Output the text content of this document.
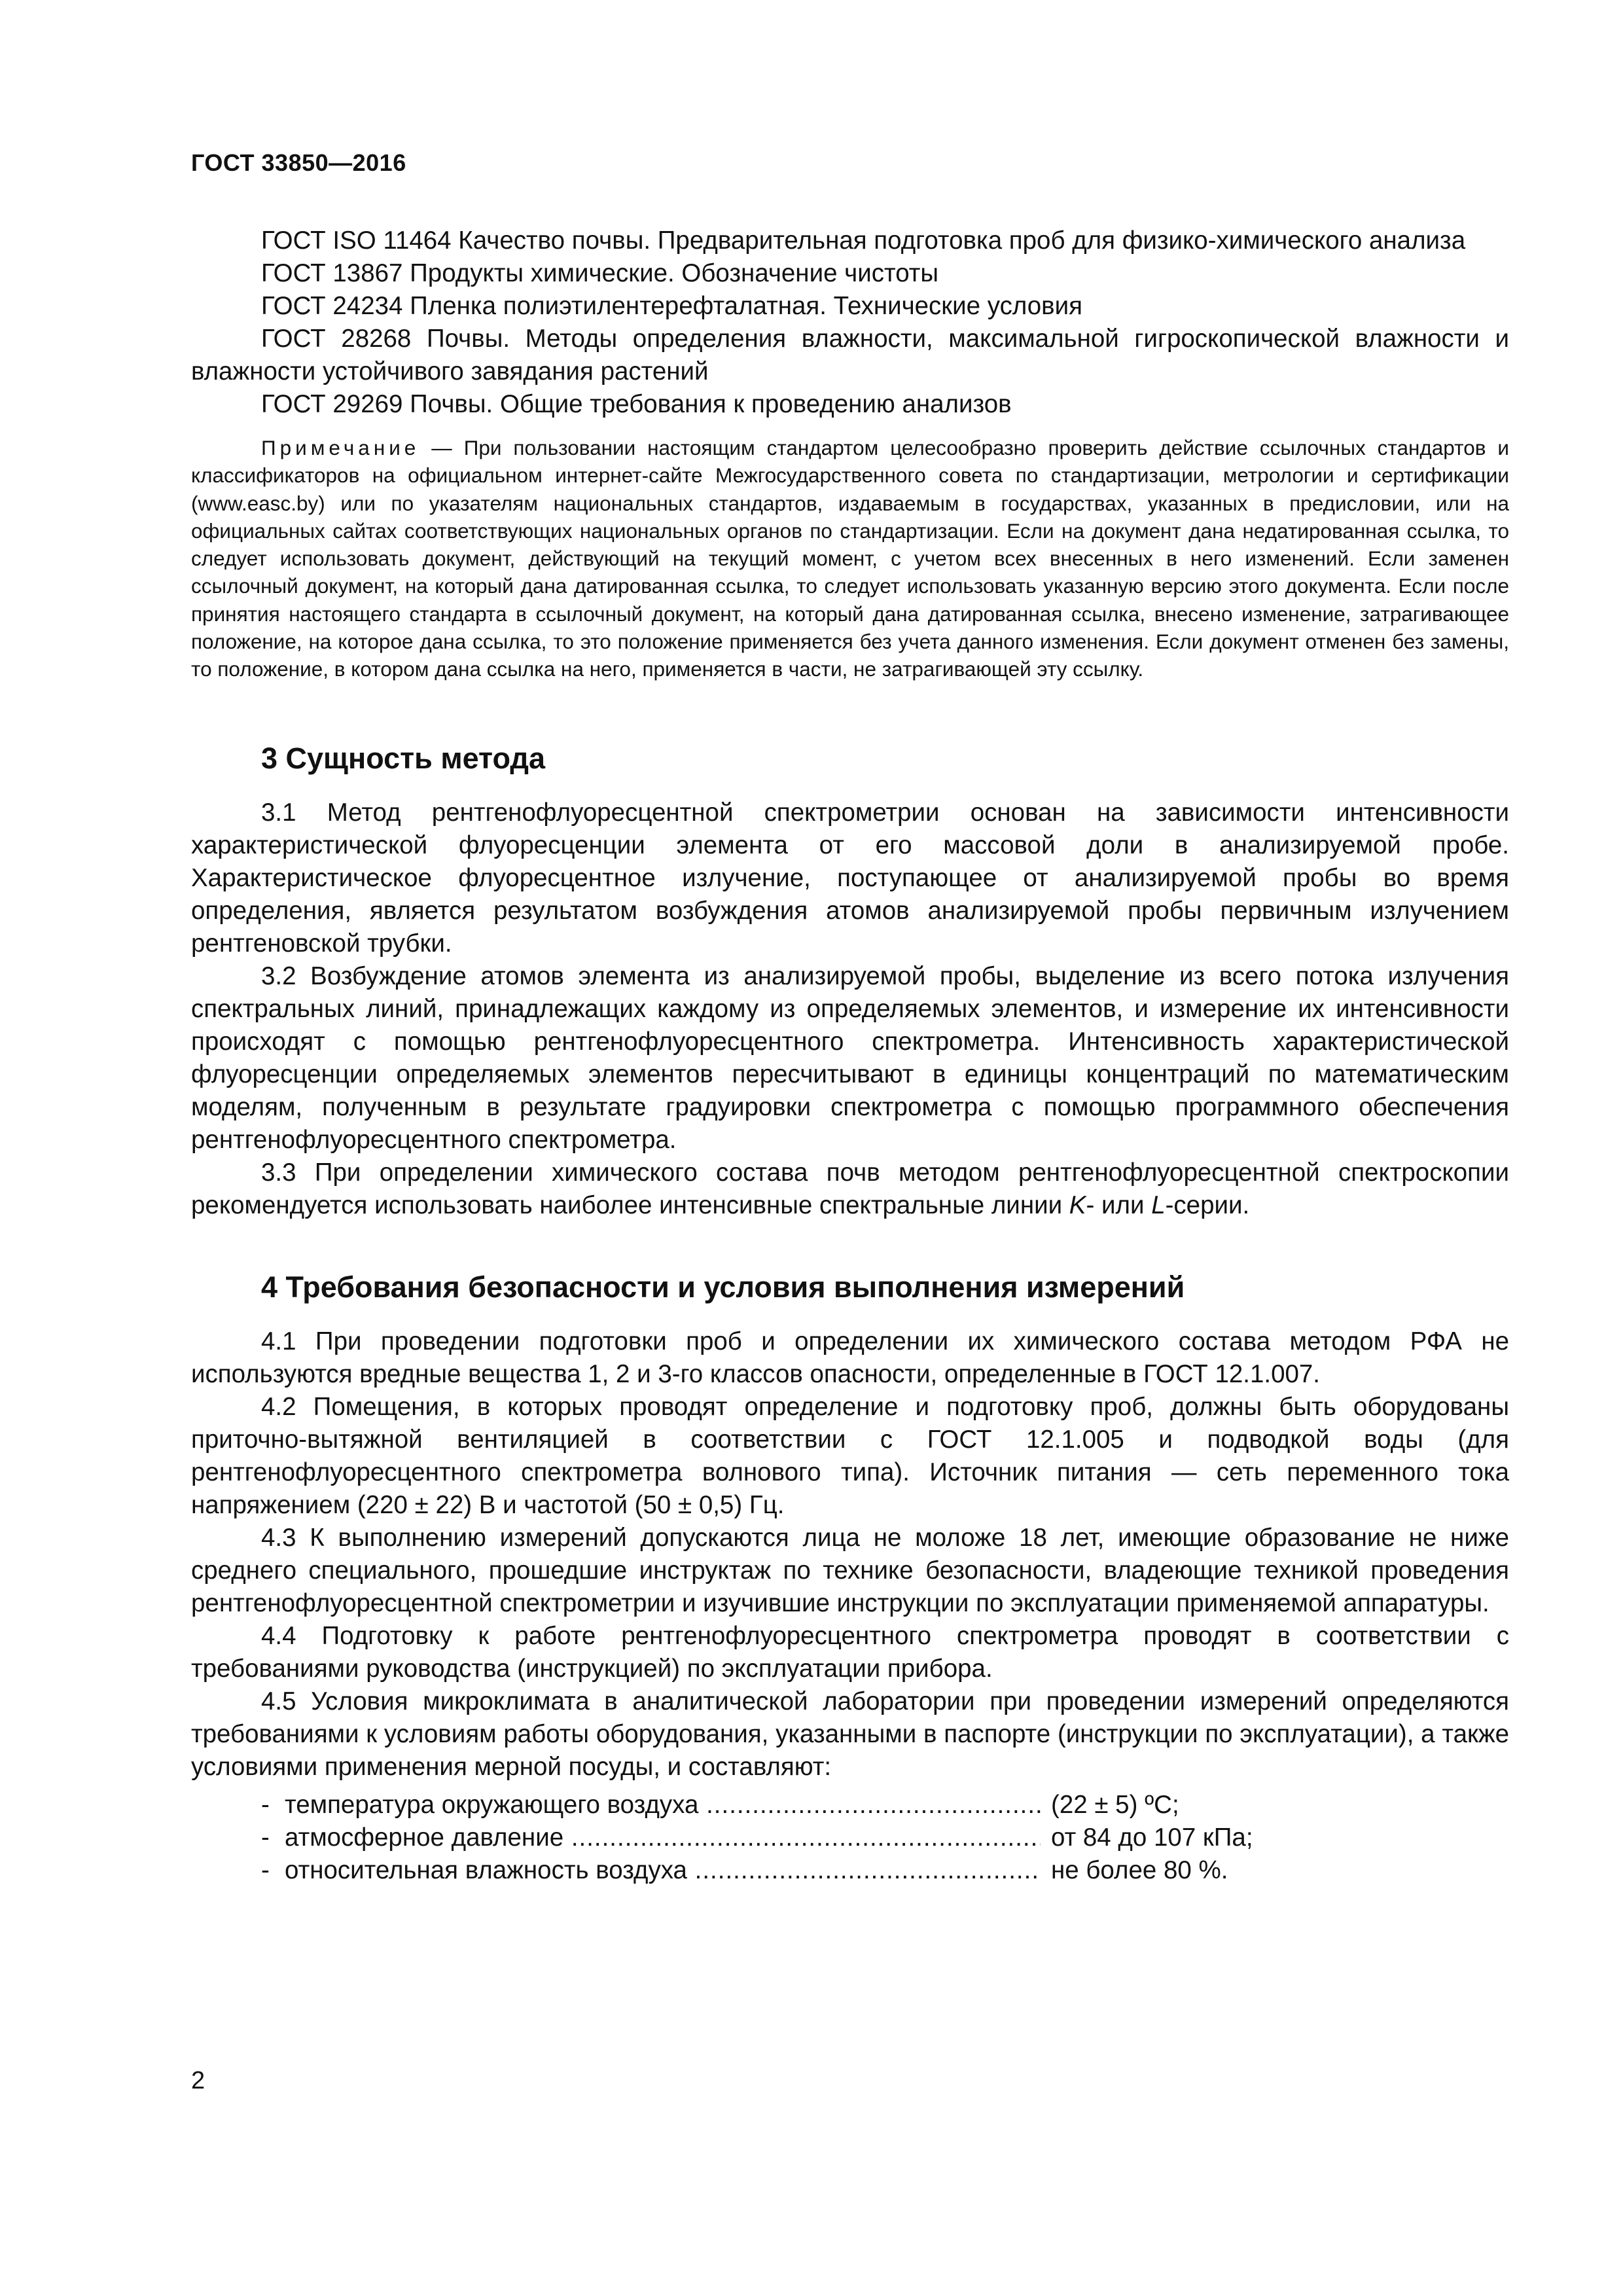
ГОСТ 33850—2016

ГОСТ ISO 11464 Качество почвы. Предварительная подготовка проб для физико-химического анализа

ГОСТ 13867 Продукты химические. Обозначение чистоты

ГОСТ 24234 Пленка полиэтилентерефталатная. Технические условия

ГОСТ 28268 Почвы. Методы определения влажности, максимальной гигроскопической влажности и влажности устойчивого завядания растений

ГОСТ 29269 Почвы. Общие требования к проведению анализов

Примечание — При пользовании настоящим стандартом целесообразно проверить действие ссылочных стандартов и классификаторов на официальном интернет-сайте Межгосударственного совета по стандартизации, метрологии и сертификации (www.easc.by) или по указателям национальных стандартов, издаваемым в государствах, указанных в предисловии, или на официальных сайтах соответствующих национальных органов по стандартизации. Если на документ дана недатированная ссылка, то следует использовать документ, действующий на текущий момент, с учетом всех внесенных в него изменений. Если заменен ссылочный документ, на который дана датированная ссылка, то следует использовать указанную версию этого документа. Если после принятия настоящего стандарта в ссылочный документ, на который дана датированная ссылка, внесено изменение, затрагивающее положение, на которое дана ссылка, то это положение применяется без учета данного изменения. Если документ отменен без замены, то положение, в котором дана ссылка на него, применяется в части, не затрагивающей эту ссылку.

3 Сущность метода

3.1 Метод рентгенофлуоресцентной спектрометрии основан на зависимости интенсивности характеристической флуоресценции элемента от его массовой доли в анализируемой пробе. Характеристическое флуоресцентное излучение, поступающее от анализируемой пробы во время определения, является результатом возбуждения атомов анализируемой пробы первичным излучением рентгеновской трубки.

3.2 Возбуждение атомов элемента из анализируемой пробы, выделение из всего потока излучения спектральных линий, принадлежащих каждому из определяемых элементов, и измерение их интенсивности происходят с помощью рентгенофлуоресцентного спектрометра. Интенсивность характеристической флуоресценции определяемых элементов пересчитывают в единицы концентраций по математическим моделям, полученным в результате градуировки спектрометра с помощью программного обеспечения рентгенофлуоресцентного спектрометра.

3.3 При определении химического состава почв методом рентгенофлуоресцентной спектроскопии рекомендуется использовать наиболее интенсивные спектральные линии K- или L-серии.

4 Требования безопасности и условия выполнения измерений

4.1 При проведении подготовки проб и определении их химического состава методом РФА не используются вредные вещества 1, 2 и 3-го классов опасности, определенные в ГОСТ 12.1.007.

4.2 Помещения, в которых проводят определение и подготовку проб, должны быть оборудованы приточно-вытяжной вентиляцией в соответствии с ГОСТ 12.1.005 и подводкой воды (для рентгенофлуоресцентного спектрометра волнового типа). Источник питания — сеть переменного тока напряжением (220 ± 22) В и частотой (50 ± 0,5) Гц.

4.3 К выполнению измерений допускаются лица не моложе 18 лет, имеющие образование не ниже среднего специального, прошедшие инструктаж по технике безопасности, владеющие техникой проведения рентгенофлуоресцентной спектрометрии и изучившие инструкции по эксплуатации применяемой аппаратуры.

4.4 Подготовку к работе рентгенофлуоресцентного спектрометра проводят в соответствии с требованиями руководства (инструкцией) по эксплуатации прибора.

4.5 Условия микроклимата в аналитической лаборатории при проведении измерений определяются требованиями к условиям работы оборудования, указанными в паспорте (инструкции по эксплуатации), а также условиями применения мерной посуды, и составляют:

- температура окружающего воздуха .....	(22 ± 5) ºС;
- атмосферное давление .....	от 84 до 107 кПа;
- относительная влажность воздуха .....	не более 80 %.
2
